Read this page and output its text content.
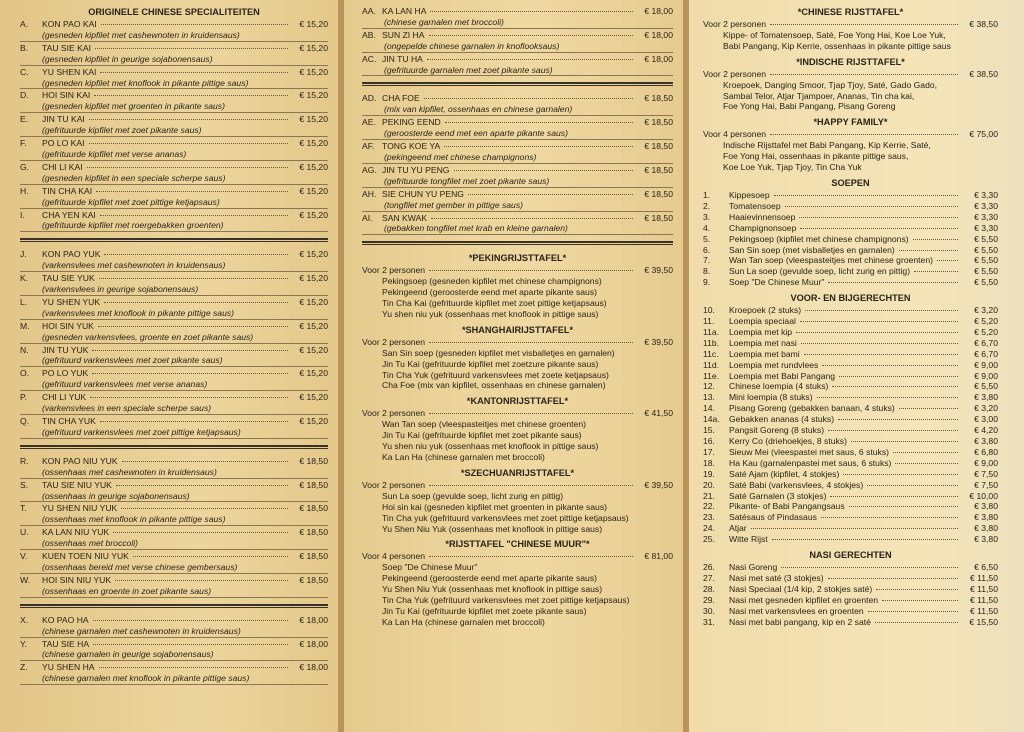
ORIGINELE CHINESE SPECIALITEITEN
A.	KON PAO KAI	€ 15,20
(gesneden kipfilet met cashewnoten in kruidensaus)
B.	TAU SIE KAI	€ 15,20
(gesneden kipfilet in geurige sojabonensaus)
C.	YU SHEN KAI	€ 15,20
(gesneden kipfilet met knoflook in pikante pittige saus)
D.	HOI SIN KAI	€ 15,20
(gesneden kipfilet met groenten in pikante saus)
E.	JIN TU KAI	€ 15,20
(gefrituurde kipfilet met zoet pikante saus)
F.	PO LO KAI	€ 15,20
(gefrituurde kipfilet met verse ananas)
G.	CHI LI KAI	€ 15,20
(gesneden kipfilet in een speciale scherpe saus)
H.	TIN CHA KAI	€ 15,20
(gefrituurde kipfilet met zoet pittige ketjapsaus)
I.	CHA YEN KAI	€ 15,20
(gefrituurde kipfilet met roergebakken groenten)
J.	KON PAO YUK	€ 15,20
(varkensvlees met cashewnoten in kruidensaus)
K.	TAU SIE YUK	€ 15,20
(varkensvlees in geurige sojabonensaus)
L.	YU SHEN YUK	€ 15,20
(varkensvlees met knoflook in pikante pittige saus)
M.	HOI SIN YUK	€ 15,20
(gesneden varkensvlees, groente en zoet pikante saus)
N.	JIN TU YUK	€ 15,20
(gefrituurd varkensvlees met zoet pikante saus)
O.	PO LO YUK	€ 15,20
(gefrituurd varkensvlees met verse ananas)
P.	CHI LI YUK	€ 15,20
(varkensvlees in een speciale scherpe saus)
Q.	TIN CHA YUK	€ 15,20
(gefrituurd varkensvlees met zoet pittige ketjapsaus)
R.	KON PAO NIU YUK	€ 18,50
(ossenhaas met cashewnoten in kruidensaus)
S.	TAU SIE NIU YUK	€ 18,50
(ossenhaas in geurige sojabonensaus)
T.	YU SHEN NIU YUK	€ 18,50
(ossenhaas met knoflook in pikante pittige saus)
U.	KA LAN NIU YUK	€ 18,50
(ossenhaas met broccoli)
V.	KUEN TOEN NIU YUK	€ 18,50
(ossenhaas bereid met verse chinese gembersaus)
W.	HOI SIN NIU YUK	€ 18,50
(ossenhaas en groente in zoet pikante saus)
X.	KO PAO HA	€ 18,00
(chinese garnalen met cashewnoten in kruidensaus)
Y.	TAU SIE HA	€ 18,00
(chinese garnalen in geurige sojabonensaus)
Z.	YU SHEN HA	€ 18,00
(chinese garnalen met knoflook in pikante pittige saus)
AA. KA LAN HA	€ 18,00
(chinese garnalen met broccoli)
AB. SUN ZI HA	€ 18,00
(ongepelde chinese garnalen in knoflooksaus)
AC. JIN TU HA	€ 18,00
(gefrituurde garnalen met zoet pikante saus)
AD. CHA FOE	€ 18,50
(mix van kipfilet, ossenhaas en chinese garnalen)
AE. PEKING EEND	€ 18,50
(geroosterde eend met een aparte pikante saus)
AF. TONG KOE YA	€ 18,50
(pekingeend met chinese champignons)
AG. JIN TU YU PENG	€ 18,50
(gefrituurde tongfilet met zoet pikante saus)
AH. SIE CHUN YU PENG	€ 18,50
(tongfilet met gember in pittige saus)
AI.	SAN KWAK	€ 18,50
(gebakken tongfilet met krab en kleine garnalen)
*PEKINGRIJSTTAFEL*
Voor 2 personen	€ 39,50
Pekingsoep (gesneden kipfilet met chinese champignons)
Pekingeend (geroosterde eend met aparte pikante saus)
Tin Cha Kai (gefrituurde kipfilet met zoet pittige ketjapsaus)
Yu shen niu yuk (ossenhaas met knoflook in pittige saus)
*SHANGHAIRIJSTTAFEL*
Voor 2 personen	€ 39,50
San Sin soep (gesneden kipfilet met visballetjes en garnalen)
Jin Tu Kai (gefrituurde kipfilet met zoetzure pikante saus)
Tin Cha Yuk (gefrituurd varkensvlees met zoete ketjapsaus)
Cha Foe (mix van kipfilet, ossenhaas en chinese garnalen)
*KANTONRIJSTTAFEL*
Voor 2 personen	€ 41,50
Wan Tan soep (vleespasteitjes met chinese groenten)
Jin Tu Kai (gefrituurde kipfilet met zoet pikante saus)
Yu shen niu yuk (ossenhaas met knoflook in pittige saus)
Ka Lan Ha (chinese garnalen met broccoli)
*SZECHUANRIJSTTAFEL*
Voor 2 personen	€ 39,50
Sun La soep (gevulde soep, licht zurig en pittig)
Hoi sin kai (gesneden kipfilet met groenten in pikante saus)
Tin Cha yuk (gefrituurd varkensvlees met zoet pittige ketjapsaus)
Yu Shen Niu Yuk (ossenhaas met knoflook in pittige saus)
*RIJSTTAFEL "CHINESE MUUR"*
Voor 4 personen	€ 81,00
Soep "De Chinese Muur"
Pekingeend (geroosterde eend met aparte pikante saus)
Yu Shen Niu Yuk (ossenhaas met knoflook in pittige saus)
Tin Cha Yuk (gefrituurd varkensvlees met zoet pittige ketjapsaus)
Jin Tu Kai (gefrituurde kipfilet met zoete pikante saus)
Ka Lan Ha (chinese garnalen met broccoli)
*CHINESE RIJSTTAFEL*
Voor 2 personen	€ 38,50
Kippe- of Tomatensoep, Saté, Foe Yong Hai, Koe Loe Yuk,
Babi Pangang, Kip Kerrie, ossenhaas in pikante pittige saus
*INDISCHE RIJSTTAFEL*
Voor 2 personen	€ 38,50
Kroepoek, Danging Smoor, Tjap Tjoy, Saté, Gado Gado,
Sambal Telor, Atjar Tjampoer, Ananas, Tin cha kai,
Foe Yong Hai, Babi Pangang, Pisang Goreng
*HAPPY FAMILY*
Voor 4 personen	€ 75,00
Indische Rijsttafel met Babi Pangang, Kip Kerrie, Saté,
Foe Yong Hai, ossenhaas in pikante pittige saus,
Koe Loe Yuk, Tjap Tjoy, Tin Cha Yuk
SOEPEN
1.	Kippesoep	€ 3,30
2.	Tomatensoep	€ 3,30
3.	Haaievinnensoep	€ 3,30
4.	Champignonsoep	€ 3,30
5.	Pekingsoep (kipfilet met chinese champignons)	€ 5,50
6.	San Sin soep (met visballetjes en garnalen)	€ 5,50
7.	Wan Tan soep (vleespasteitjes met chinese groenten)	€ 5,50
8.	Sun La soep (gevulde soep, licht zurig en pittig)	€ 5,50
9.	Soep "De Chinese Muur"	€ 5,50
VOOR- EN BIJGERECHTEN
10.	Kroepoek (2 stuks)	€ 3,20
11.	Loempia speciaal	€ 5,20
11a.	Loempia met kip	€ 5,20
11b.	Loempia met nasi	€ 6,70
11c.	Loempia met bami	€ 6,70
11d.	Loempia met rundvlees	€ 9,00
11e.	Loempia met Babi Pangang	€ 9,00
12.	Chinese loempia (4 stuks)	€ 5,50
13.	Mini loempia (8 stuks)	€ 3,80
14.	Pisang Goreng (gebakken banaan, 4 stuks)	€ 3,20
14a.	Gebakken ananas (4 stuks)	€ 3,00
15.	Pangsit Goreng (8 stuks)	€ 4,20
16.	Kerry Co (driehoekjes, 8 stuks)	€ 3,80
17.	Sieuw Mei (vleespastei met saus, 6 stuks)	€ 6,80
18.	Ha Kau (garnalenpastei met saus, 6 stuks)	€ 9,00
19.	Saté Ajam (kipfilet, 4 stokjes)	€ 7,50
20.	Saté Babi (varkensvlees, 4 stokjes)	€ 7,50
21.	Saté Garnalen (3 stokjes)	€ 10,00
22.	Pikante- of Babi Pangangsaus	€ 3,80
23.	Satésaus of Pindasaus	€ 3,80
24.	Atjar	€ 3,80
25.	Witte Rijst	€ 3,80
NASI GERECHTEN
26.	Nasi Goreng	€ 6,50
27.	Nasi met saté (3 stokjes)	€ 11,50
28.	Nasi Speciaal (1/4 kip, 2 stokjes saté)	€ 11,50
29.	Nasi met gesneden kipfilet en groenten	€ 11,50
30.	Nasi met varkensvlees en groenten	€ 11,50
31.	Nasi met babi pangang, kip en 2 saté	€ 15,50
